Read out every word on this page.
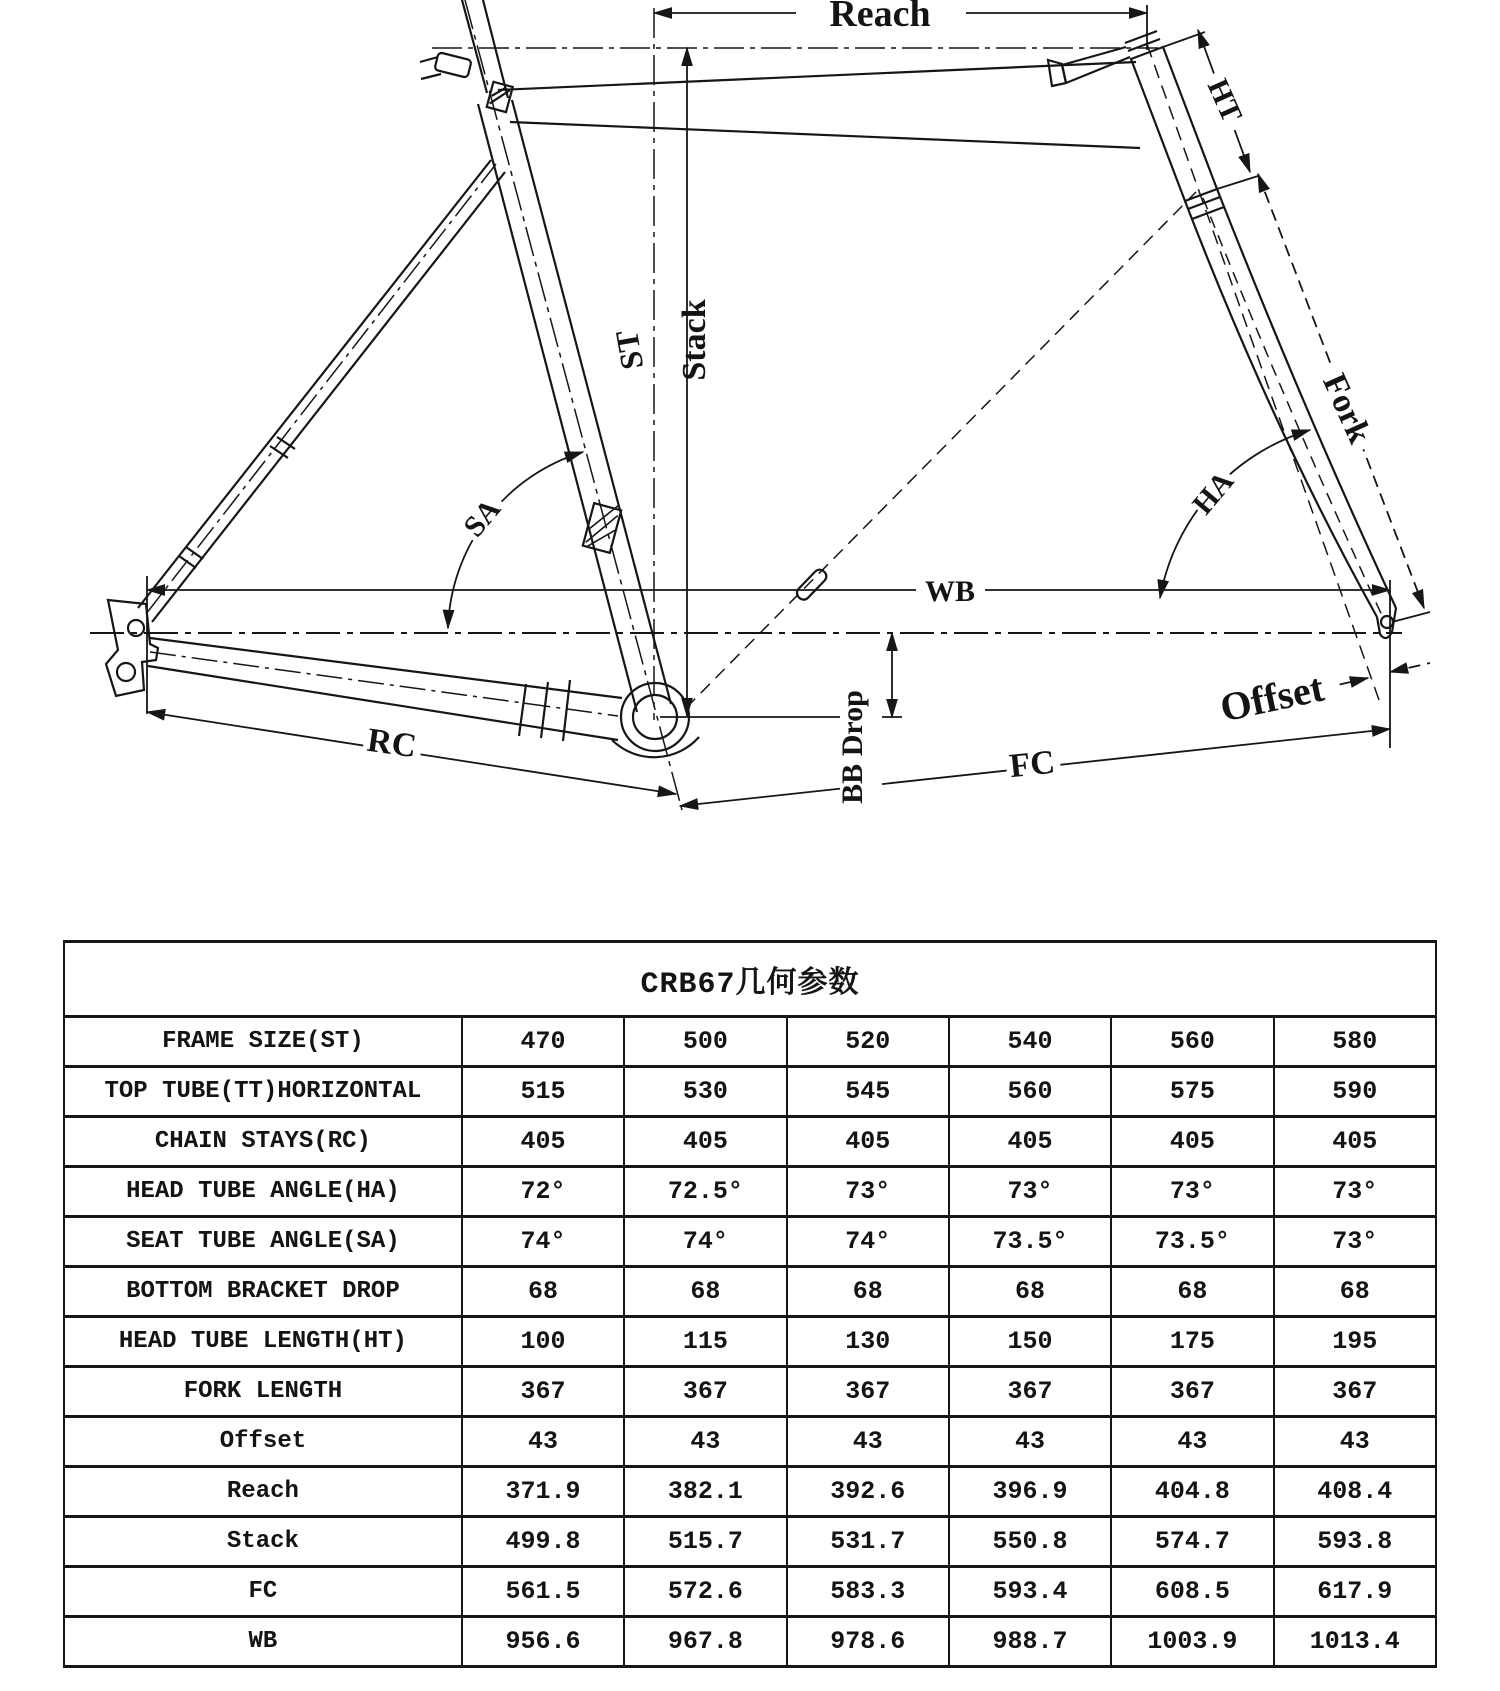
Reach
Stack
ST
SA	HA
HT
Fork
WB
Offset
RC	FC
BB Drop
CRB67几何参数						
FRAME SIZE(ST)	470	500	520	540	560	580
TOP TUBE(TT)HORIZONTAL	515	530	545	560	575	590
CHAIN STAYS(RC)	405	405	405	405	405	405
HEAD TUBE ANGLE(HA)	72°	72.5°	73°	73°	73°	73°
SEAT TUBE ANGLE(SA)	74°	74°	74°	73.5°	73.5°	73°
BOTTOM BRACKET DROP	68	68	68	68	68	68
HEAD TUBE LENGTH(HT)	100	115	130	150	175	195
FORK LENGTH	367	367	367	367	367	367
Offset	43	43	43	43	43	43
Reach	371.9	382.1	392.6	396.9	404.8	408.4
Stack	499.8	515.7	531.7	550.8	574.7	593.8
FC	561.5	572.6	583.3	593.4	608.5	617.9
WB	956.6	967.8	978.6	988.7	1003.9	1013.4
